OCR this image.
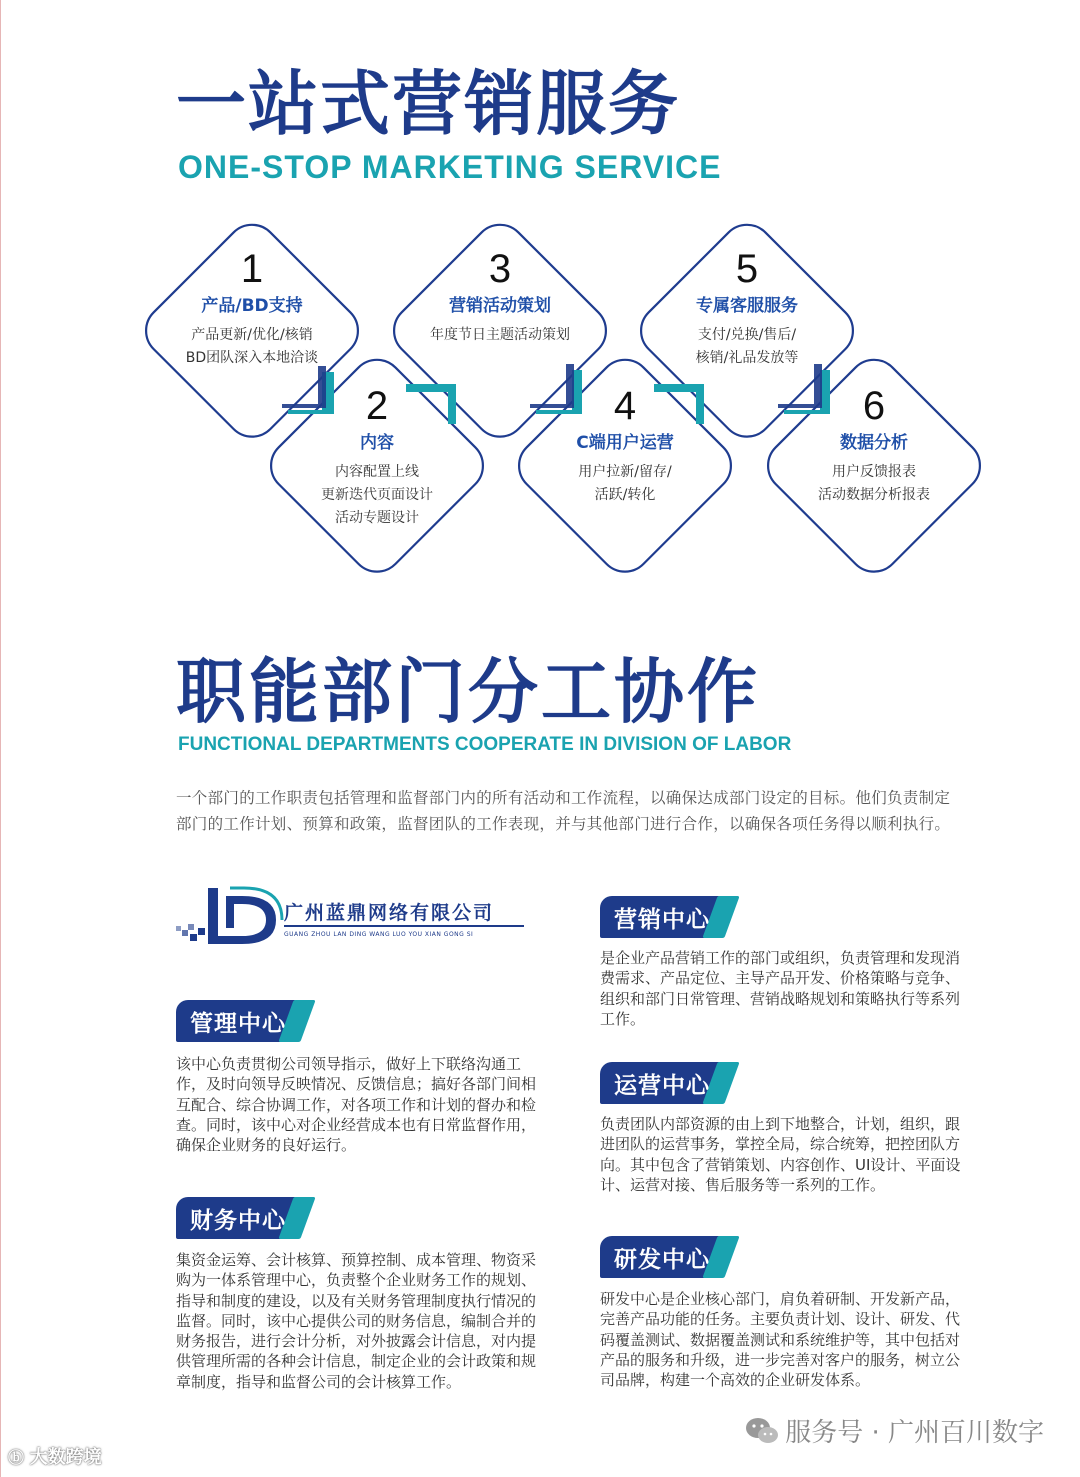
一站式营销服务
ONE-STOP MARKETING SERVICE
1
产品/BD支持
产品更新/优化/核销
BD团队深入本地洽谈
2
内容
内容配置上线
更新迭代页面设计
活动专题设计
3
营销活动策划
年度节日主题活动策划
4
C端用户运营
用户拉新/留存/
活跃/转化
5
专属客服服务
支付/兑换/售后/
核销/礼品发放等
6
数据分析
用户反馈报表
活动数据分析报表
职能部门分工协作
FUNCTIONAL DEPARTMENTS COOPERATE IN DIVISION OF LABOR

一个部门的工作职责包括管理和监督部门内的所有活动和工作流程，以确保达成部门设定的目标。他们负责制定部门的工作计划、预算和政策，监督团队的工作表现，并与其他部门进行合作，以确保各项任务得以顺利执行。

广州蓝鼎网络有限公司
GUANG ZHOU LAN DING WANG LUO YOU XIAN GONG SI
管理中心

该中心负责贯彻公司领导指示，做好上下联络沟通工作，及时向领导反映情况、反馈信息；搞好各部门间相互配合、综合协调工作，对各项工作和计划的督办和检查。同时，该中心对企业经营成本也有日常监督作用，确保企业财务的良好运行。

财务中心

集资金运筹、会计核算、预算控制、成本管理、物资采购为一体系管理中心，负责整个企业财务工作的规划、指导和制度的建设，以及有关财务管理制度执行情况的监督。同时，该中心提供公司的财务信息，编制合并的财务报告，进行会计分析，对外披露会计信息，对内提供管理所需的各种会计信息，制定企业的会计政策和规章制度，指导和监督公司的会计核算工作。

营销中心

是企业产品营销工作的部门或组织，负责管理和发现消费需求、产品定位、主导产品开发、价格策略与竞争、组织和部门日常管理、营销战略规划和策略执行等系列工作。

运营中心

负责团队内部资源的由上到下地整合，计划，组织，跟进团队的运营事务，掌控全局，综合统筹，把控团队方向。其中包含了营销策划、内容创作、UI设计、平面设计、运营对接、售后服务等一系列的工作。

研发中心

研发中心是企业核心部门，肩负着研制、开发新产品，完善产品功能的任务。主要负责计划、设计、研发、代码覆盖测试、数据覆盖测试和系统维护等，其中包括对产品的服务和升级，进一步完善对客户的服务，树立公司品牌，构建一个高效的企业研发体系。

服务号 · 广州百川数字
ⓑ 大数跨境
